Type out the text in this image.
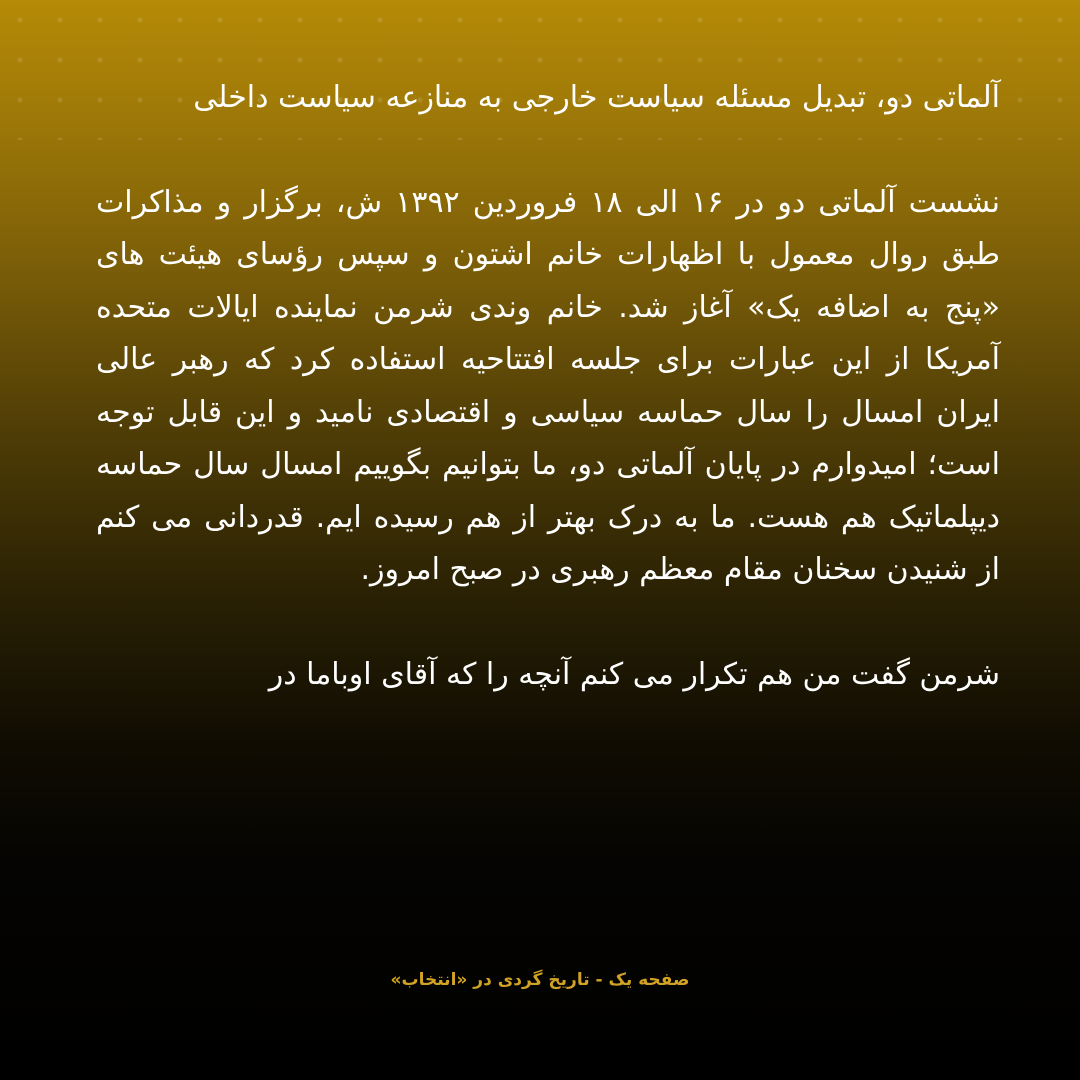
آلماتی دو، تبدیل مسئله سیاست خارجی به منازعه سیاست داخلی

نشست آلماتی دو در ۱۶ الی ۱۸ فروردین ۱۳۹۲ ش، برگزار و مذاکرات طبق روال معمول با اظهارات خانم اشتون و سپس رؤسای هیئت های «پنج به اضافه یک» آغاز شد. خانم وندی شرمن نماینده ایالات متحده آمریکا از این عبارات برای جلسه افتتاحیه استفاده کرد که رهبر عالی ایران امسال را سال حماسه سیاسی و اقتصادی نامید و این قابل توجه است؛ امیدوارم در پایان آلماتی دو، ما بتوانیم بگوییم امسال سال حماسه دیپلماتیک هم هست. ما به درک بهتر از هم رسیده ایم. قدردانی می کنم از شنیدن سخنان مقام معظم رهبری در صبح امروز.

شرمن گفت من هم تکرار می کنم آنچه را که آقای اوباما در

صفحه یک - تاریخ گردی در «انتخاب»
